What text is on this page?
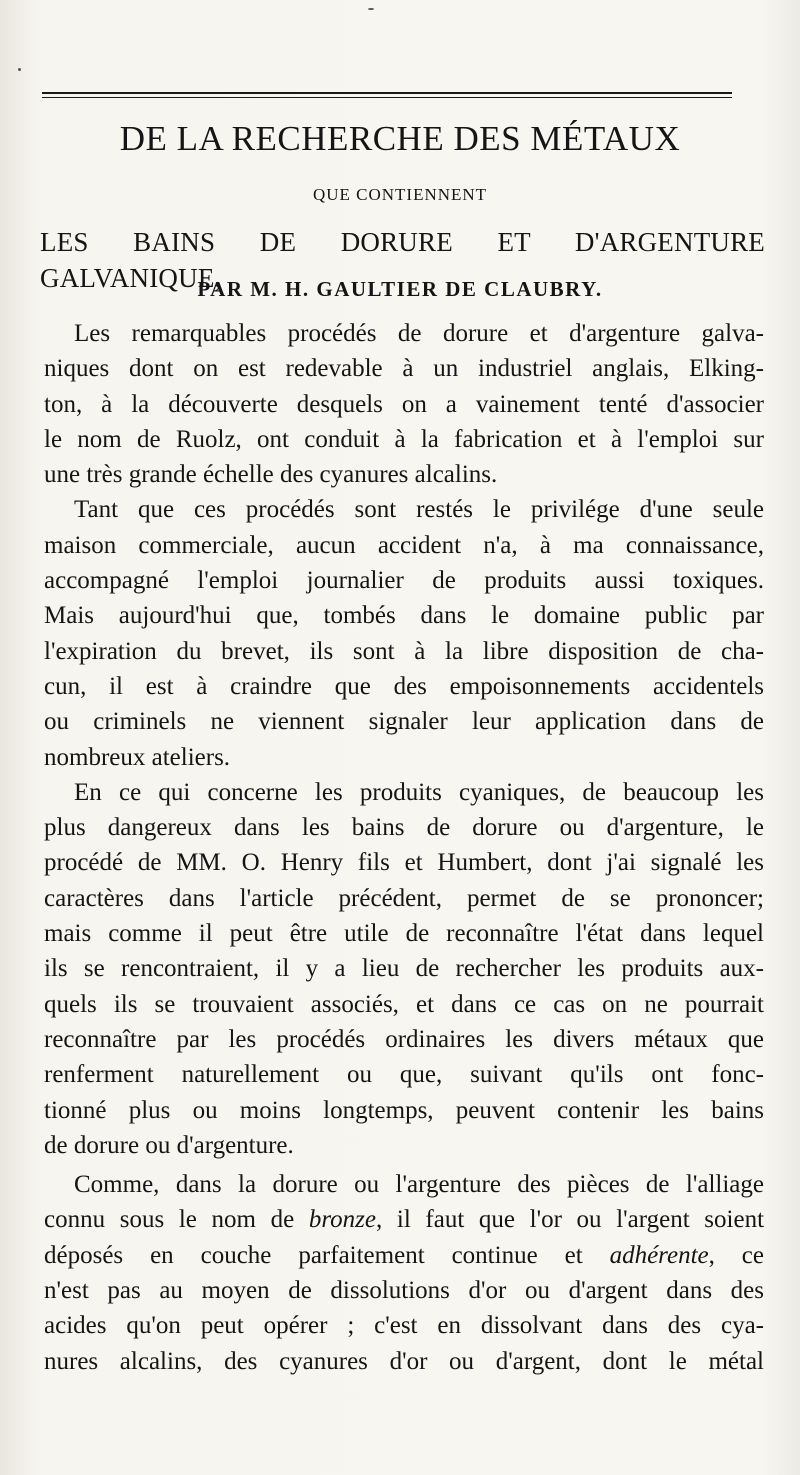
DE LA RECHERCHE DES MÉTAUX
QUE CONTIENNENT
LES BAINS DE DORURE ET D'ARGENTURE GALVANIQUE,
PAR M. H. GAULTIER DE CLAUBRY.
Les remarquables procédés de dorure et d'argenture galva-
niques dont on est redevable à un industriel anglais, Elking-
ton, à la découverte desquels on a vainement tenté d'associer
le nom de Ruolz, ont conduit à la fabrication et à l'emploi sur
une très grande échelle des cyanures alcalins.
Tant que ces procédés sont restés le privilége d'une seule
maison commerciale, aucun accident n'a, à ma connaissance,
accompagné l'emploi journalier de produits aussi toxiques.
Mais aujourd'hui que, tombés dans le domaine public par
l'expiration du brevet, ils sont à la libre disposition de cha-
cun, il est à craindre que des empoisonnements accidentels
ou criminels ne viennent signaler leur application dans de
nombreux ateliers.
En ce qui concerne les produits cyaniques, de beaucoup les
plus dangereux dans les bains de dorure ou d'argenture, le
procédé de MM. O. Henry fils et Humbert, dont j'ai signalé les
caractères dans l'article précédent, permet de se prononcer;
mais comme il peut être utile de reconnaître l'état dans lequel
ils se rencontraient, il y a lieu de rechercher les produits aux-
quels ils se trouvaient associés, et dans ce cas on ne pourrait
reconnaître par les procédés ordinaires les divers métaux que
renferment naturellement ou que, suivant qu'ils ont fonc-
tionné plus ou moins longtemps, peuvent contenir les bains
de dorure ou d'argenture.
Comme, dans la dorure ou l'argenture des pièces de l'alliage
connu sous le nom de bronze, il faut que l'or ou l'argent soient
déposés en couche parfaitement continue et adhérente, ce
n'est pas au moyen de dissolutions d'or ou d'argent dans des
acides qu'on peut opérer ; c'est en dissolvant dans des cya-
nures alcalins, des cyanures d'or ou d'argent, dont le métal
